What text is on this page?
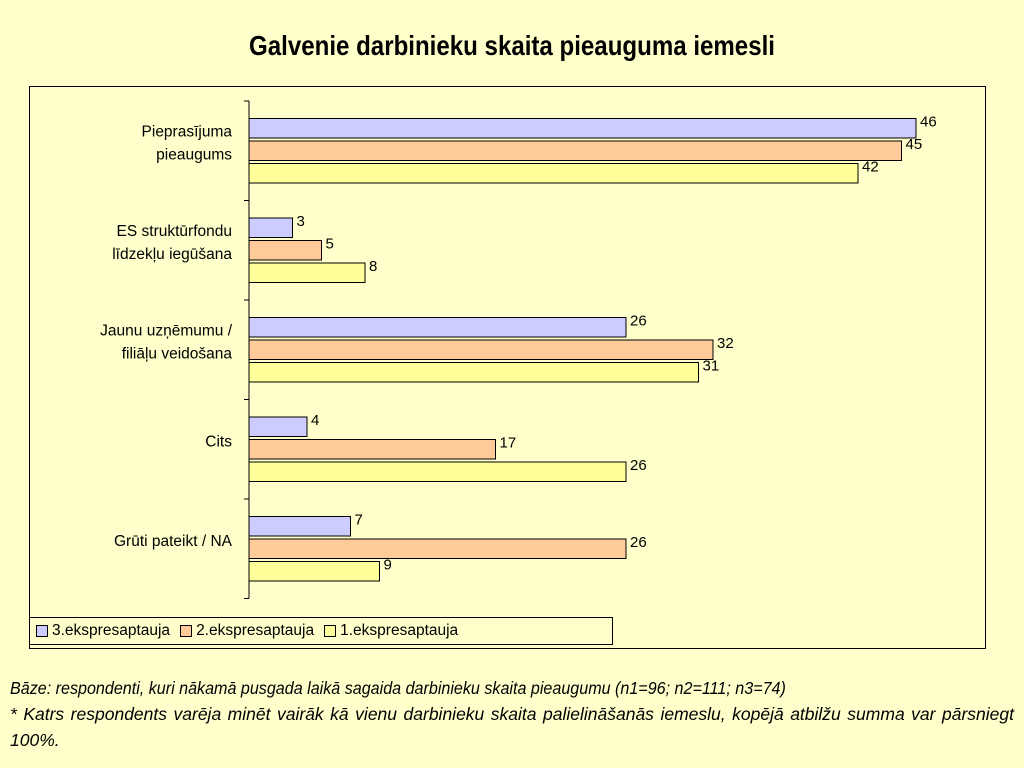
Galvenie darbinieku skaita pieauguma iemesli
Pieprasījuma pieaugums
46
45
42
ES struktūrfondu līdzekļu iegūšana
3
5
8
Jaunu uzņēmumu / filiāļu veidošana
26
32
31
Cits
4
17
26
Grūti pateikt / NA
7
26
9
3.ekspresaptauja 2.ekspresaptauja 1.ekspresaptauja
Bāze: respondenti, kuri nākamā pusgada laikā sagaida darbinieku skaita pieaugumu (n1=96; n2=111; n3=74)
* Katrs respondents varēja minēt vairāk kā vienu darbinieku skaita palielināšanās iemeslu, kopējā atbilžu summa var pārsniegt 100%.
